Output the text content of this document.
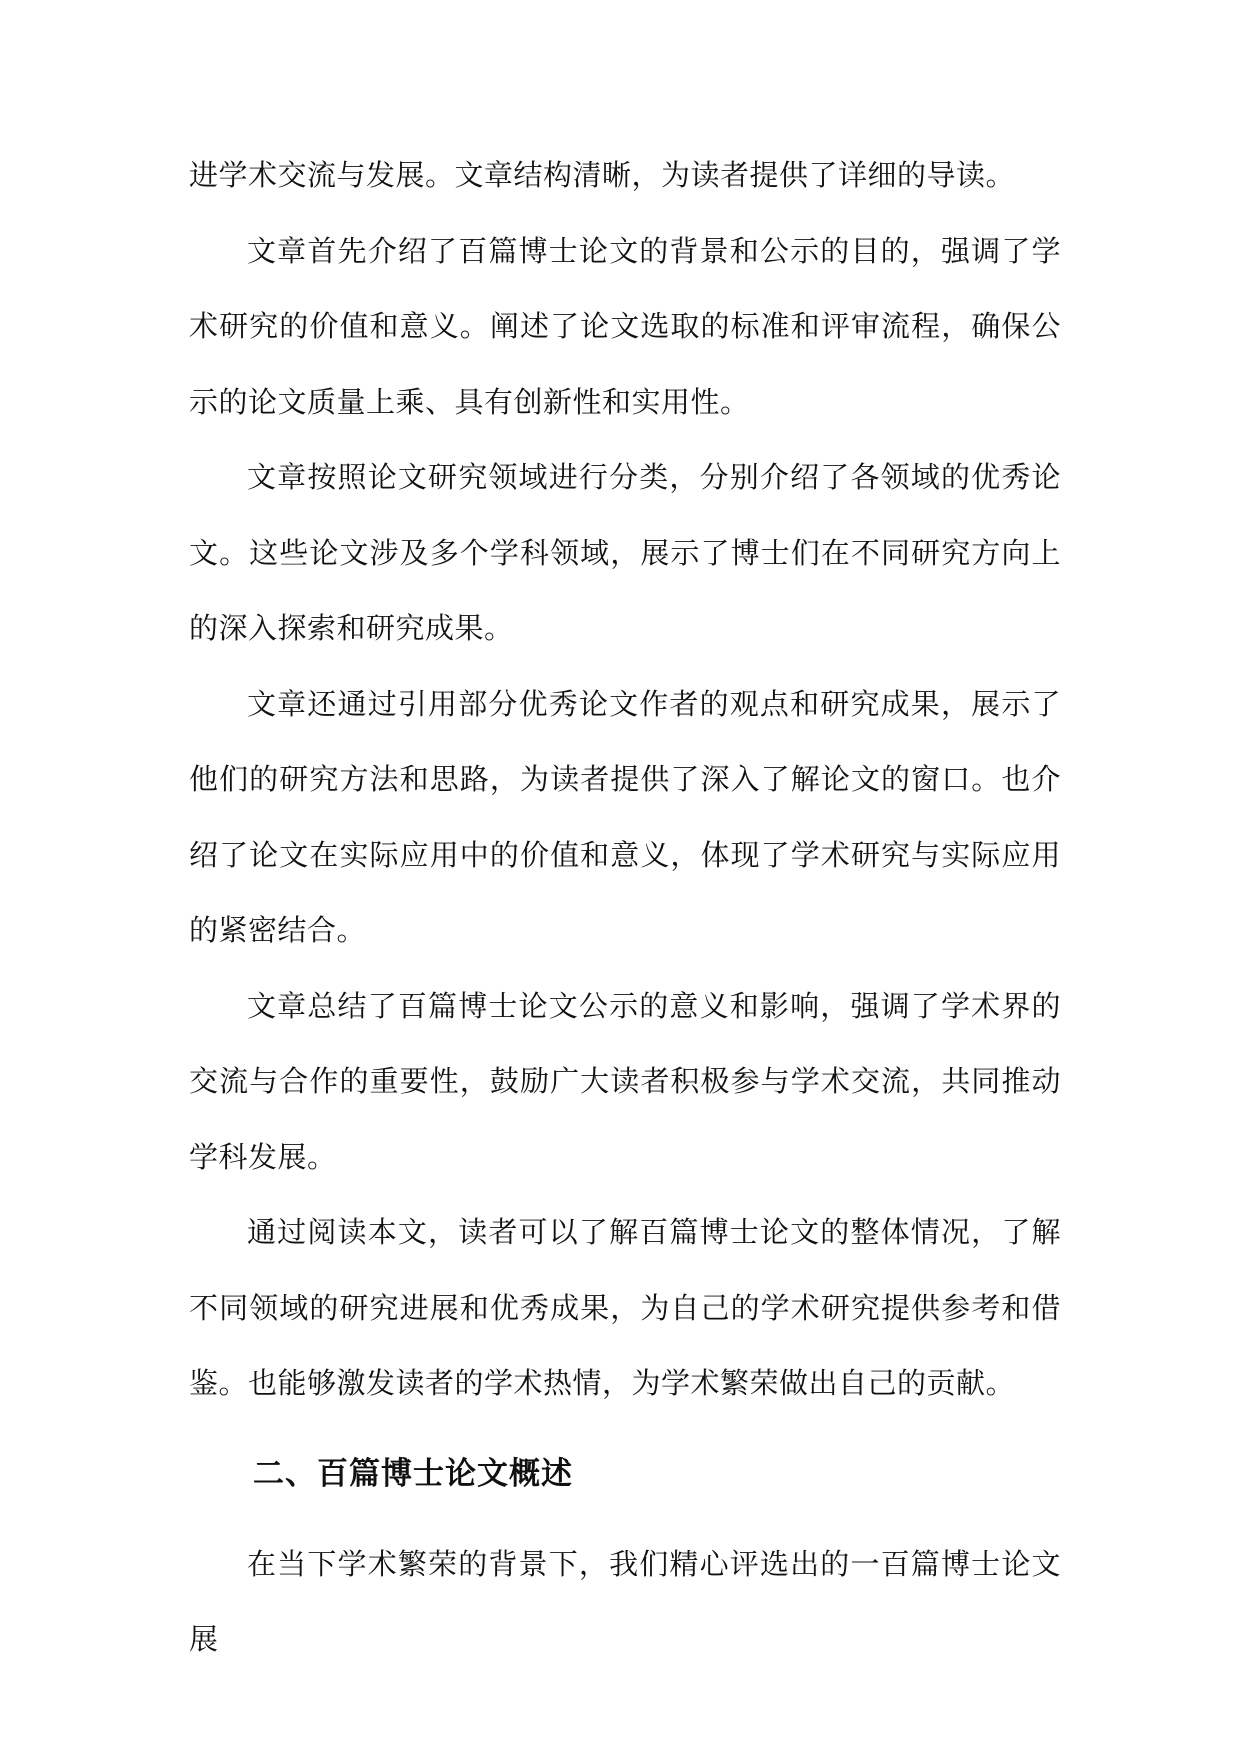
进学术交流与发展。文章结构清晰，为读者提供了详细的导读。

文章首先介绍了百篇博士论文的背景和公示的目的，强调了学术研究的价值和意义。阐述了论文选取的标准和评审流程，确保公示的论文质量上乘、具有创新性和实用性。

文章按照论文研究领域进行分类，分别介绍了各领域的优秀论文。这些论文涉及多个学科领域，展示了博士们在不同研究方向上的深入探索和研究成果。

文章还通过引用部分优秀论文作者的观点和研究成果，展示了他们的研究方法和思路，为读者提供了深入了解论文的窗口。也介绍了论文在实际应用中的价值和意义，体现了学术研究与实际应用的紧密结合。

文章总结了百篇博士论文公示的意义和影响，强调了学术界的交流与合作的重要性，鼓励广大读者积极参与学术交流，共同推动学科发展。

通过阅读本文，读者可以了解百篇博士论文的整体情况，了解不同领域的研究进展和优秀成果，为自己的学术研究提供参考和借鉴。也能够激发读者的学术热情，为学术繁荣做出自己的贡献。

二、百篇博士论文概述

在当下学术繁荣的背景下，我们精心评选出的一百篇博士论文展
